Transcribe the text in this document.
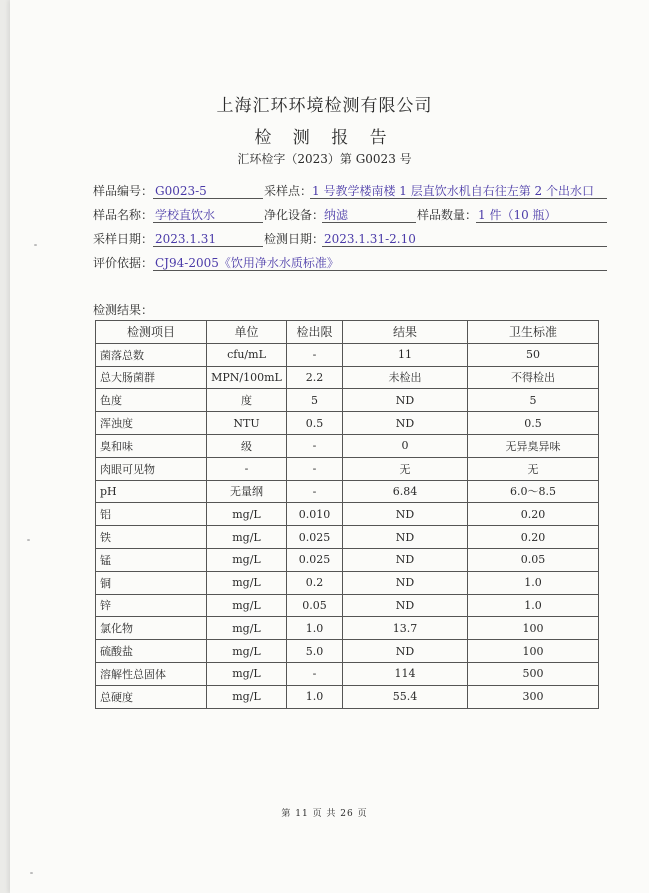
上海汇环环境检测有限公司
检 测 报 告
汇环检字（2023）第 G0023 号
样品编号： G0023-5	采样点： 1 号教学楼南楼 1 层直饮水机自右往左第 2 个出水口
样品名称： 学校直饮水	净化设备： 纳滤	样品数量： 1 件（10 瓶）
采样日期： 2023.1.31	检测日期： 2023.1.31-2.10
评价依据： CJ94-2005《饮用净水水质标准》
检测结果：
检测项目	单位	检出限	结果	卫生标准
菌落总数	cfu/mL	-	11	50
总大肠菌群	MPN/100mL	2.2	未检出	不得检出
色度	度	5	ND	5
浑浊度	NTU	0.5	ND	0.5
臭和味	级	-	0	无异臭异味
肉眼可见物	-	-	无	无
pH	无量纲	-	6.84	6.0～8.5
铝	mg/L	0.010	ND	0.20
铁	mg/L	0.025	ND	0.20
锰	mg/L	0.025	ND	0.05
铜	mg/L	0.2	ND	1.0
锌	mg/L	0.05	ND	1.0
氯化物	mg/L	1.0	13.7	100
硫酸盐	mg/L	5.0	ND	100
溶解性总固体	mg/L	-	114	500
总硬度	mg/L	1.0	55.4	300
第 11 页 共 26 页
